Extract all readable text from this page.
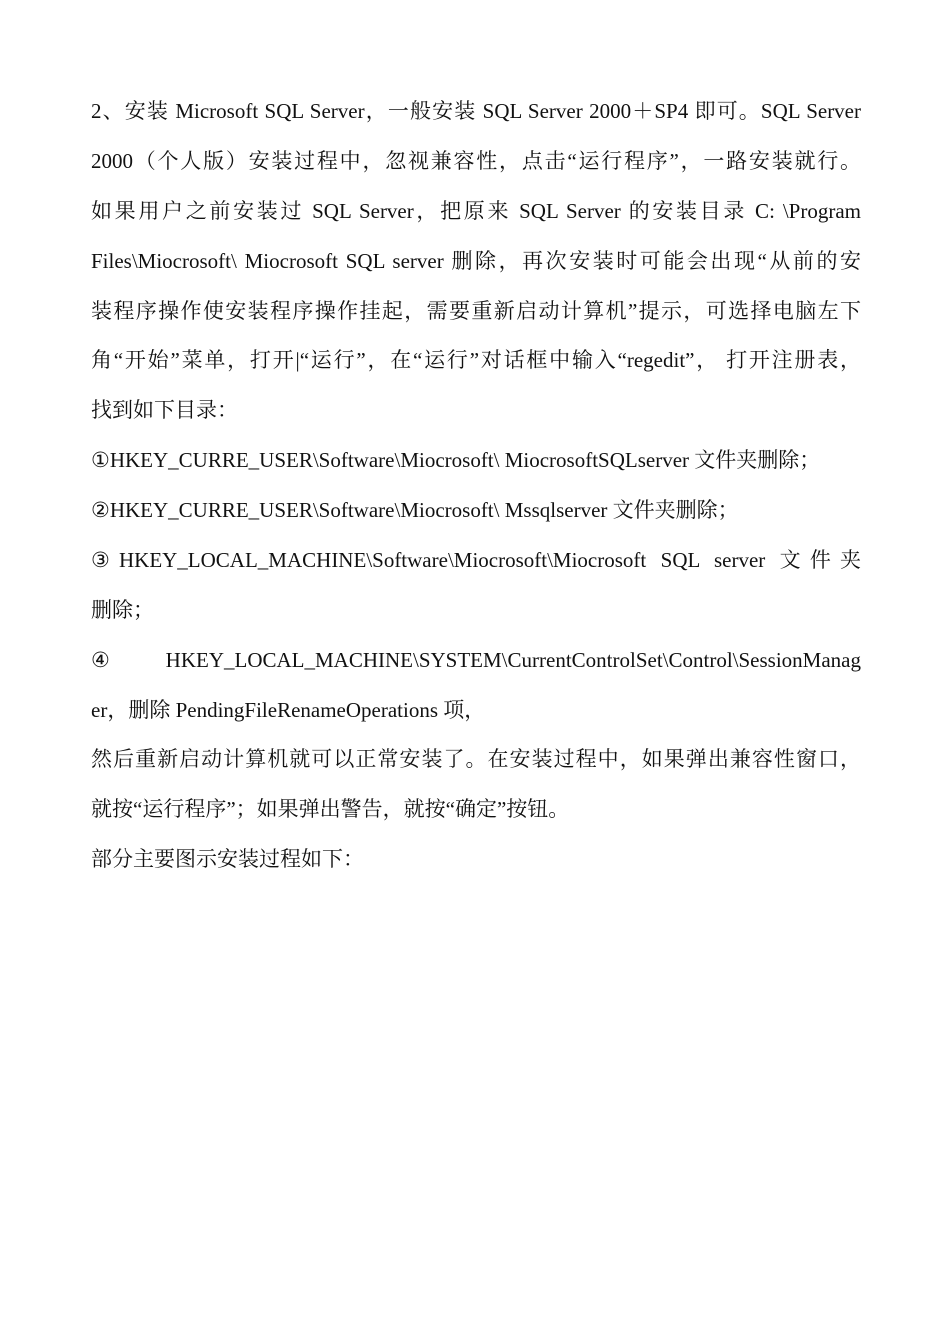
2、安装 Microsoft SQL Server，一般安装 SQL Server 2000＋SP4 即可。SQL Server
2000（个人版）安装过程中，忽视兼容性，点击“运行程序”，一路安装就行。
如果用户之前安装过 SQL Server，把原来 SQL Server 的安装目录 C: \Program
Files\Miocrosoft\ Miocrosoft SQL server 删除，再次安装时可能会出现“从前的安
装程序操作使安装程序操作挂起，需要重新启动计算机”提示，可选择电脑左下
角“开始”菜单，打开|“运行”，在“运行”对话框中输入“regedit”， 打开注册表，
找到如下目录：
①HKEY_CURRE_USER\Software\Miocrosoft\ MiocrosoftSQLserver 文件夹删除；
②HKEY_CURRE_USER\Software\Miocrosoft\ Mssqlserver 文件夹删除；
③HKEY_LOCAL_MACHINE\Software\Miocrosoft\Miocrosoft SQL server 文件夹
删除；
④HKEY_LOCAL_MACHINE\SYSTEM\CurrentControlSet\Control\SessionManag
er，删除 PendingFileRenameOperations 项，
然后重新启动计算机就可以正常安装了。在安装过程中，如果弹出兼容性窗口，
就按“运行程序”；如果弹出警告，就按“确定”按钮。
部分主要图示安装过程如下：
